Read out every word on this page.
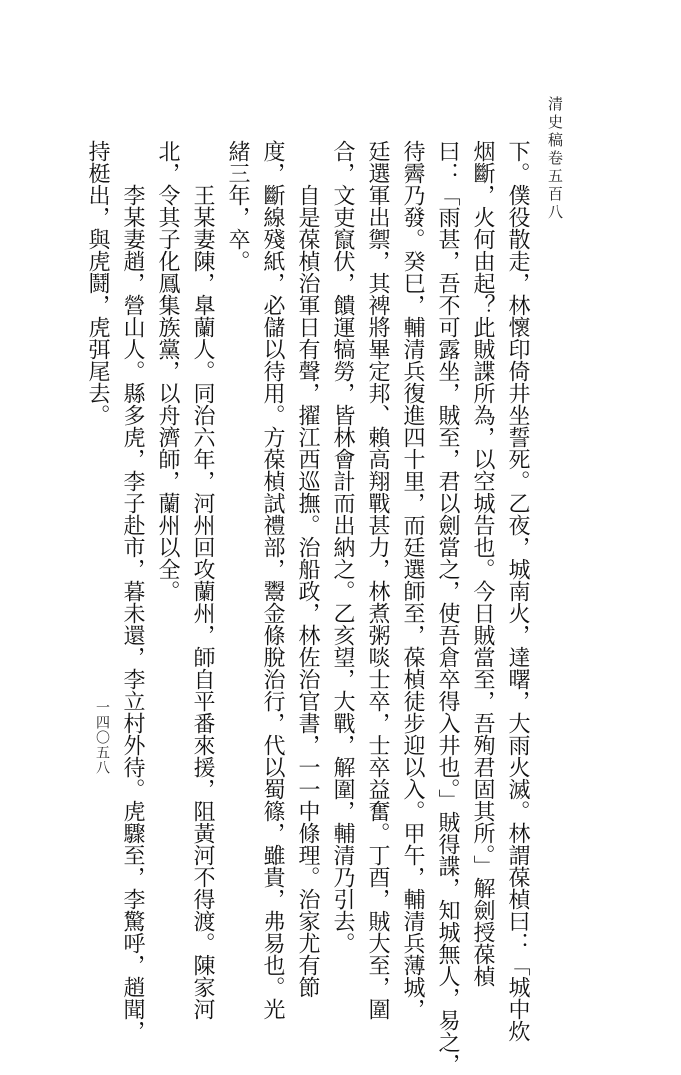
清史稿卷五百八
一四〇五八	下。僕役散走，林懷印倚井坐誓死。乙夜，城南火，達曙，大雨火滅。林謂葆楨曰：「城中炊
烟斷，火何由起？此賊諜所為，以空城告也。今日賊當至，吾殉君固其所。」解劍授葆楨
曰：「雨甚，吾不可露坐，賊至，君以劍當之，使吾倉卒得入井也。」賊得諜，知城無人，易之，
待霽乃發。癸巳，輔清兵復進四十里，而廷選師至，葆楨徒步迎以入。甲午，輔清兵薄城，
廷選軍出禦，其裨將畢定邦、賴高翔戰甚力，林煮粥啖士卒，士卒益奮。丁酉，賊大至，圍
合，文吏竄伏，饋運犒勞，皆林會計而出納之。乙亥望，大戰，解圍，輔清乃引去。
　　自是葆楨治軍日有聲，擢江西巡撫。治船政，林佐治官書，一一中條理。治家尤有節
度，斷線殘紙，必儲以待用。方葆楨試禮部，鬻金條脫治行，代以蜀篠，雖貴，弗易也。光
緒三年，卒。
　　王某妻陳，臯蘭人。同治六年，河州回攻蘭州，師自平番來援，阻黃河不得渡。陳家河
北，令其子化鳳集族黨，以舟濟師，蘭州以全。
　　李某妻趙，營山人。縣多虎，李子赴市，暮未還，李立村外待。虎驟至，李驚呼，趙聞，
持梃出，與虎鬪，虎弭尾去。
